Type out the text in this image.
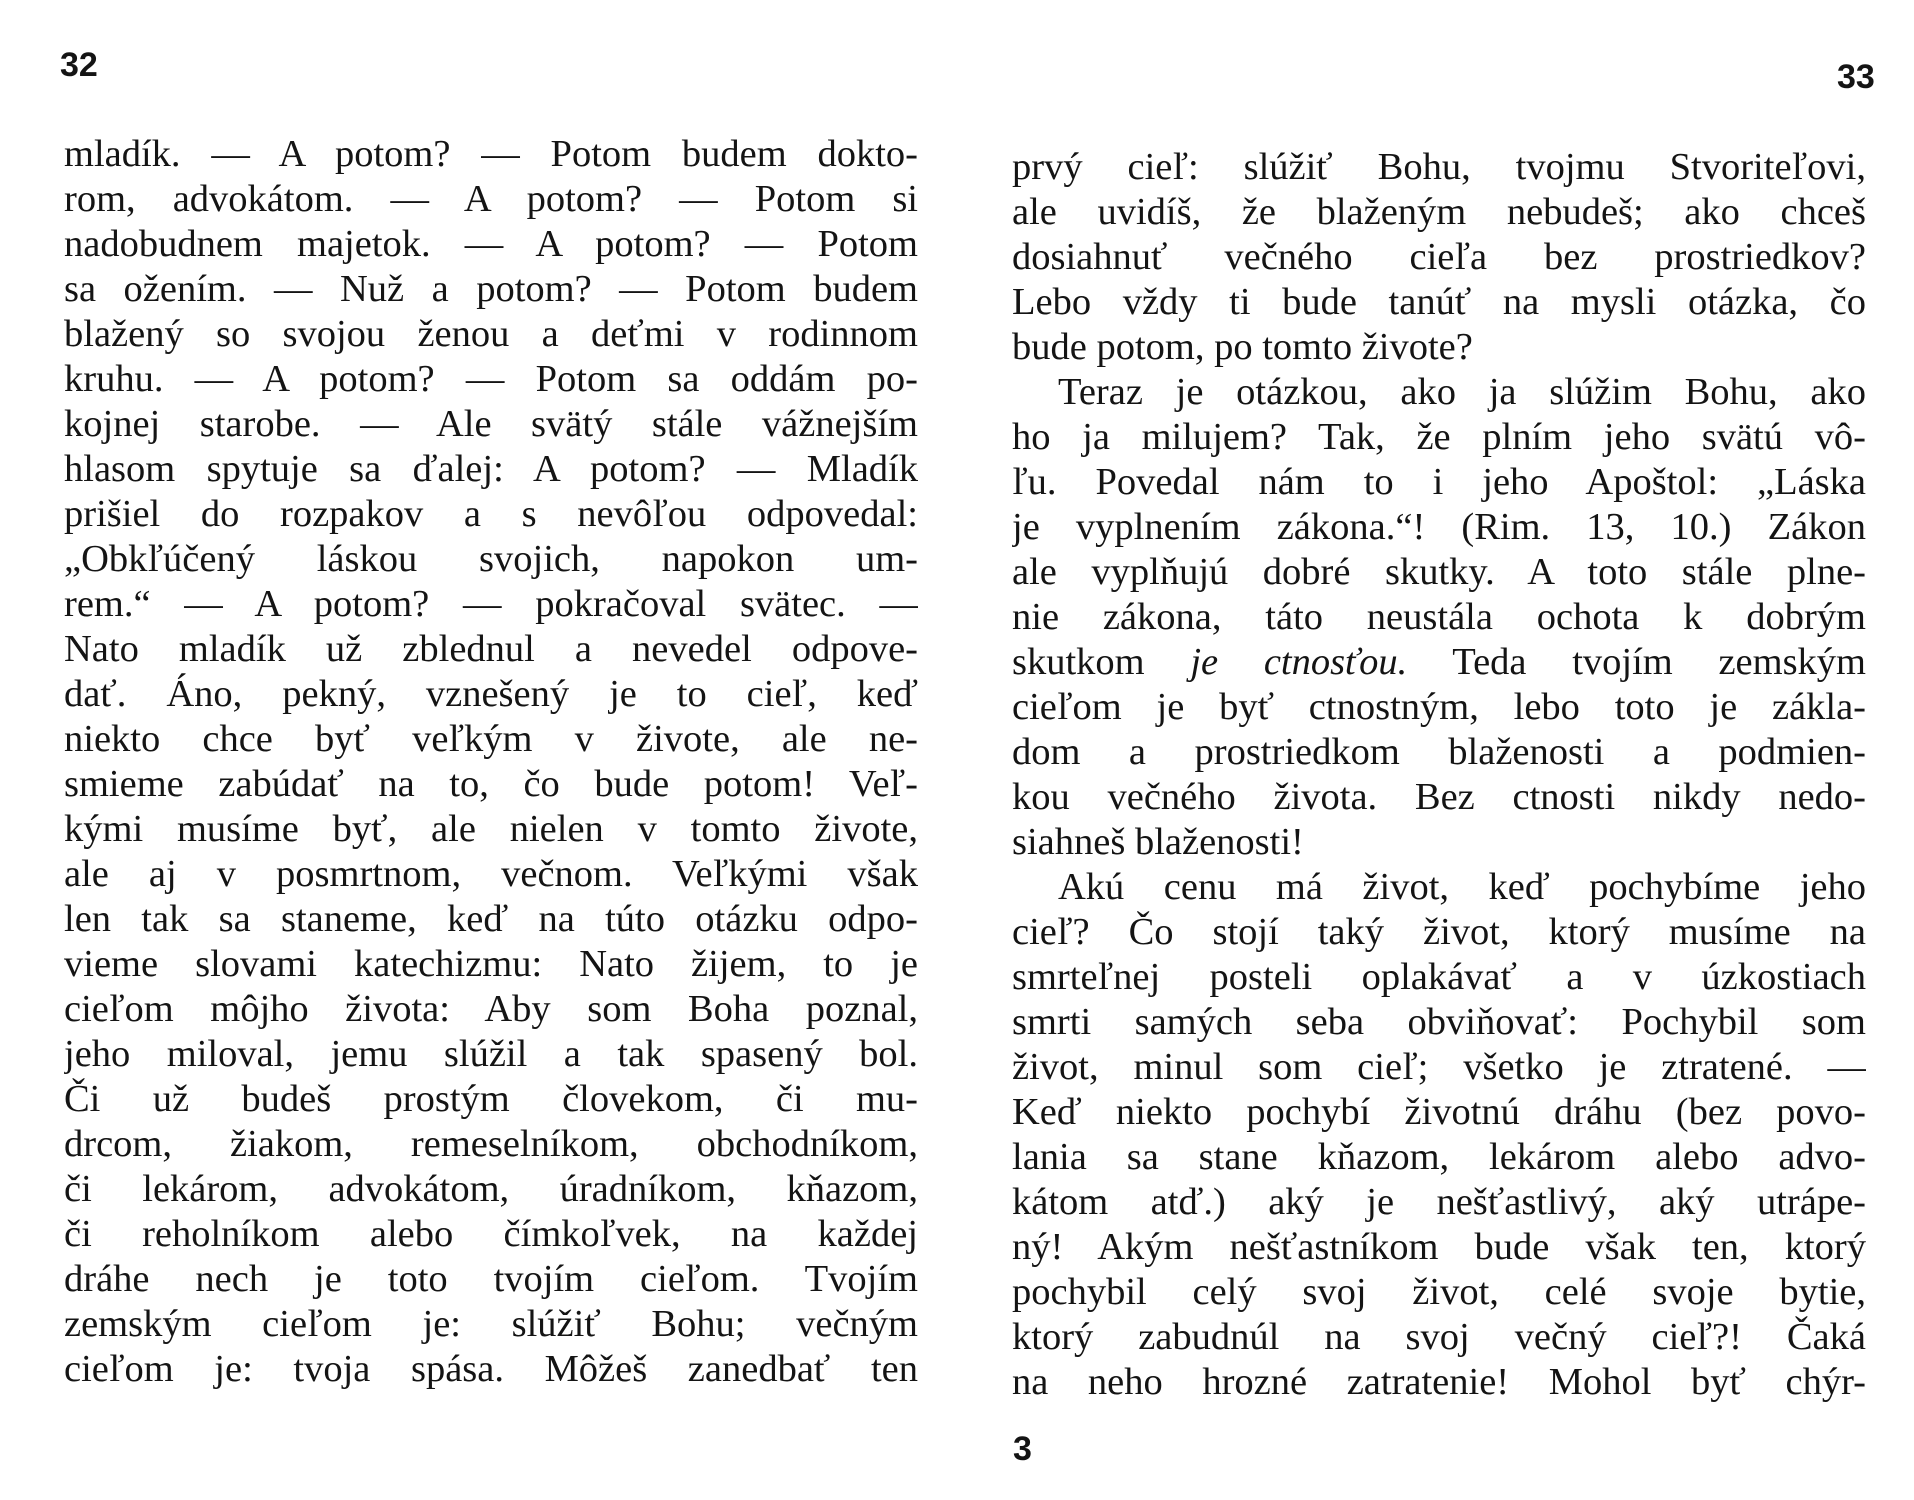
32	33
mladík. — A potom? — Potom budem dokto-
rom, advokátom. — A potom? — Potom si
nadobudnem majetok. — A potom? — Potom
sa ožením. — Nuž a potom? — Potom budem
blažený so svojou ženou a deťmi v rodinnom
kruhu. — A potom? — Potom sa oddám po-
kojnej starobe. — Ale svätý stále vážnejším
hlasom spytuje sa ďalej: A potom? — Mladík
prišiel do rozpakov a s nevôľou odpovedal:
„Obkľúčený láskou svojich, napokon um-
rem.“ — A potom? — pokračoval svätec. —
Nato mladík už zblednul a nevedel odpove-
dať. Áno, pekný, vznešený je to cieľ, keď
niekto chce byť veľkým v živote, ale ne-
smieme zabúdať na to, čo bude potom! Veľ-
kými musíme byť, ale nielen v tomto živote,
ale aj v posmrtnom, večnom. Veľkými však
len tak sa staneme, keď na túto otázku odpo-
vieme slovami katechizmu: Nato žijem, to je
cieľom môjho života: Aby som Boha poznal,
jeho miloval, jemu slúžil a tak spasený bol.
Či už budeš prostým človekom, či mu-
drcom, žiakom, remeselníkom, obchodníkom,
či lekárom, advokátom, úradníkom, kňazom,
či reholníkom alebo čímkoľvek, na každej
dráhe nech je toto tvojím cieľom. Tvojím
zemským cieľom je: slúžiť Bohu; večným
cieľom je: tvoja spása. Môžeš zanedbať ten
prvý cieľ: slúžiť Bohu, tvojmu Stvoriteľovi,
ale uvidíš, že blaženým nebudeš; ako chceš
dosiahnuť večného cieľa bez prostriedkov?
Lebo vždy ti bude tanúť na mysli otázka, čo
bude potom, po tomto živote?
Teraz je otázkou, ako ja slúžim Bohu, ako
ho ja milujem? Tak, že plním jeho svätú vô-
ľu. Povedal nám to i jeho Apoštol: „Láska
je vyplnením zákona.“! (Rim. 13, 10.) Zákon
ale vyplňujú dobré skutky. A toto stále plne-
nie zákona, táto neustála ochota k dobrým
skutkom je ctnosťou. Teda tvojím zemským
cieľom je byť ctnostným, lebo toto je zákla-
dom a prostriedkom blaženosti a podmien-
kou večného života. Bez ctnosti nikdy nedo-
siahneš blaženosti!
Akú cenu má život, keď pochybíme jeho
cieľ? Čo stojí taký život, ktorý musíme na
smrteľnej posteli oplakávať a v úzkostiach
smrti samých seba obviňovať: Pochybil som
život, minul som cieľ; všetko je ztratené. —
Keď niekto pochybí životnú dráhu (bez povo-
lania sa stane kňazom, lekárom alebo advo-
kátom atď.) aký je nešťastlivý, aký utrápe-
ný! Akým nešťastníkom bude však ten, ktorý
pochybil celý svoj život, celé svoje bytie,
ktorý zabudnúl na svoj večný cieľ?! Čaká
na neho hrozné zatratenie! Mohol byť chýr-
3
